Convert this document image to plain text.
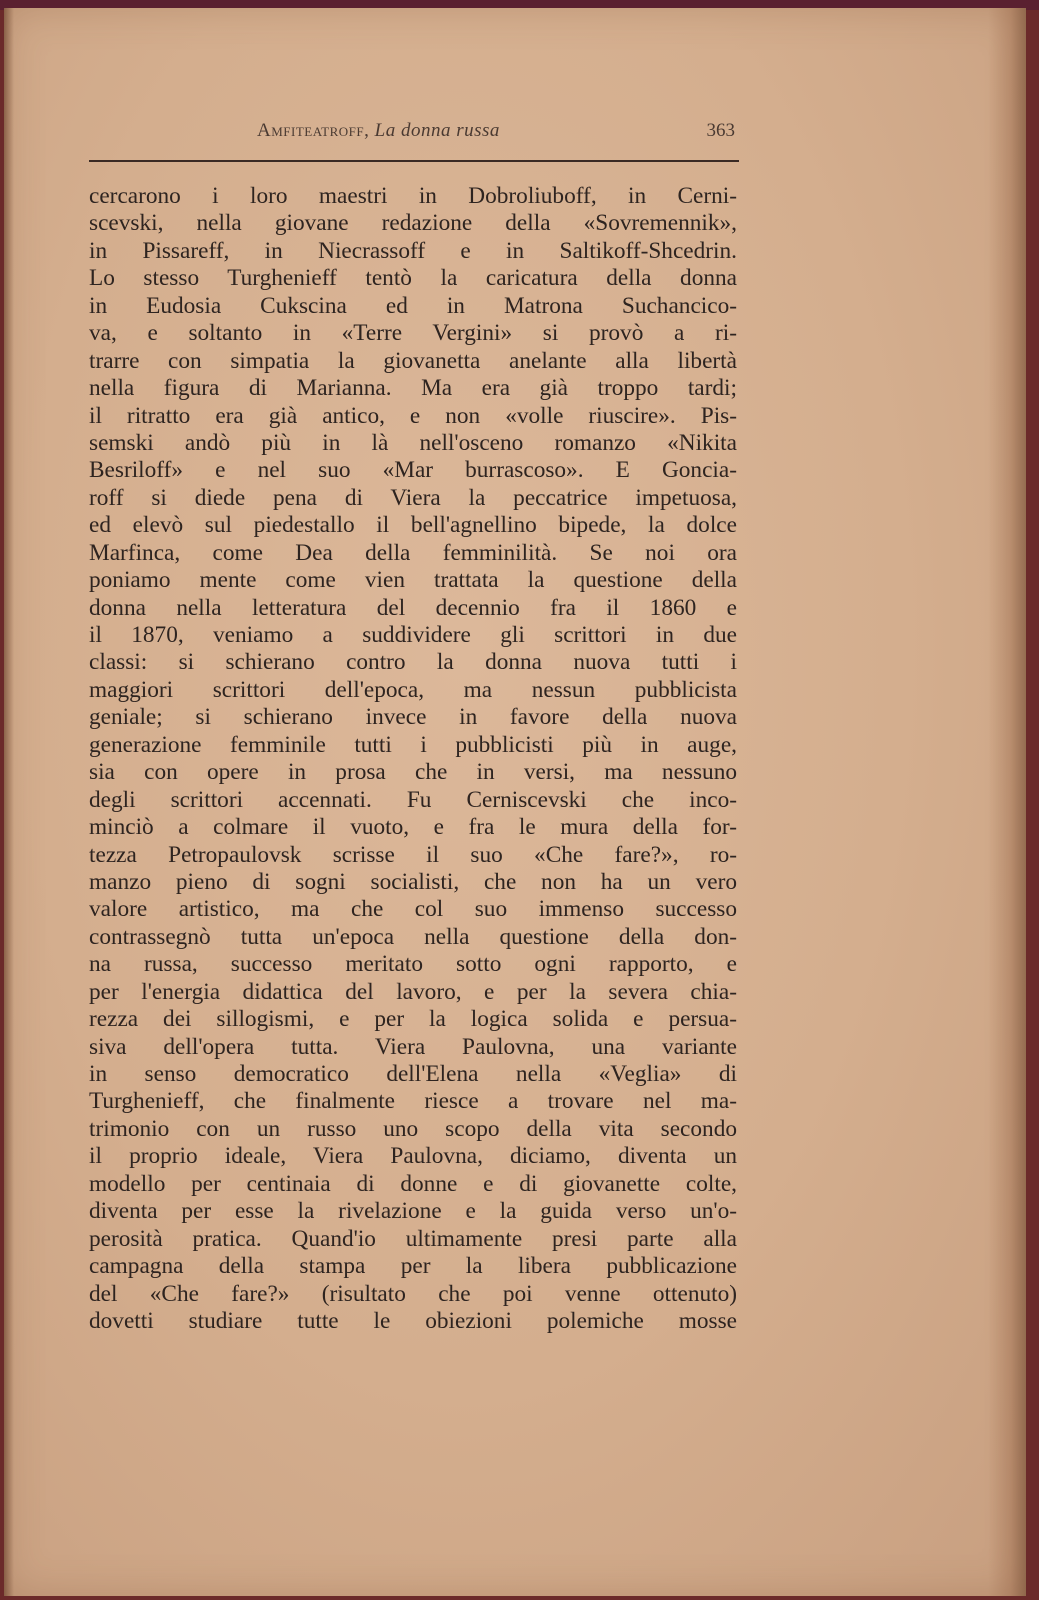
Amfiteatroff, La donna russa	363
cercarono i loro maestri in Dobroliuboff, in Cerni-
scevski, nella giovane redazione della «Sovremennik»,
in Pissareff, in Niecrassoff e in Saltikoff-Shcedrin.
Lo stesso Turghenieff tentò la caricatura della donna
in Eudosia Cukscina ed in Matrona Suchancico-
va, e soltanto in «Terre Vergini» si provò a ri-
trarre con simpatia la giovanetta anelante alla libertà
nella figura di Marianna. Ma era già troppo tardi;
il ritratto era già antico, e non «volle riuscire». Pis-
semski andò più in là nell'osceno romanzo «Nikita
Besriloff» e nel suo «Mar burrascoso». E Goncia-
roff si diede pena di Viera la peccatrice impetuosa,
ed elevò sul piedestallo il bell'agnellino bipede, la dolce
Marfinca, come Dea della femminilità. Se noi ora
poniamo mente come vien trattata la questione della
donna nella letteratura del decennio fra il 1860 e
il 1870, veniamo a suddividere gli scrittori in due
classi: si schierano contro la donna nuova tutti i
maggiori scrittori dell'epoca, ma nessun pubblicista
geniale; si schierano invece in favore della nuova
generazione femminile tutti i pubblicisti più in auge,
sia con opere in prosa che in versi, ma nessuno
degli scrittori accennati. Fu Cerniscevski che inco-
minciò a colmare il vuoto, e fra le mura della for-
tezza Petropaulovsk scrisse il suo «Che fare?», ro-
manzo pieno di sogni socialisti, che non ha un vero
valore artistico, ma che col suo immenso successo
contrassegnò tutta un'epoca nella questione della don-
na russa, successo meritato sotto ogni rapporto, e
per l'energia didattica del lavoro, e per la severa chia-
rezza dei sillogismi, e per la logica solida e persua-
siva dell'opera tutta. Viera Paulovna, una variante
in senso democratico dell'Elena nella «Veglia» di
Turghenieff, che finalmente riesce a trovare nel ma-
trimonio con un russo uno scopo della vita secondo
il proprio ideale, Viera Paulovna, diciamo, diventa un
modello per centinaia di donne e di giovanette colte,
diventa per esse la rivelazione e la guida verso un'o-
perosità pratica. Quand'io ultimamente presi parte alla
campagna della stampa per la libera pubblicazione
del «Che fare?» (risultato che poi venne ottenuto)
dovetti studiare tutte le obiezioni polemiche mosse
